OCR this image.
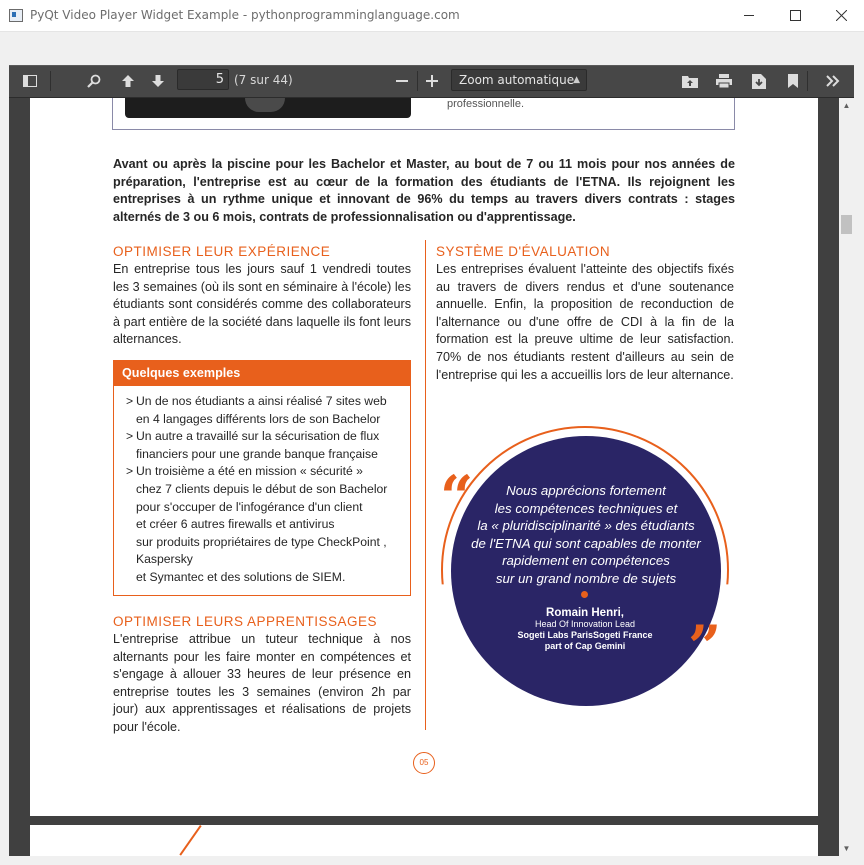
PyQt Video Player Widget Example - pythonprogramminglanguage.com
5 (7 sur 44)	Zoom automatique
▲

professionnelle.
Avant ou après la piscine pour les Bachelor et Master, au bout de 7 ou 11 mois pour nos années de préparation, l'entreprise est au cœur de la formation des étudiants de l'ETNA. Ils rejoignent les entreprises à un rythme unique et innovant de 96% du temps au travers divers contrats : stages alternés de 3 ou 6 mois, contrats de professionnalisation ou d'apprentissage.
OPTIMISER LEUR EXPÉRIENCE
En entreprise tous les jours sauf 1 vendredi toutes les 3 semaines (où ils sont en séminaire à l'école) les étudiants sont considérés comme des collaborateurs à part entière de la société dans laquelle ils font leurs alternances.
Quelques exemples
> Un de nos étudiants a ainsi réalisé 7 sites web
en 4 langages différents lors de son Bachelor
> Un autre a travaillé sur la sécurisation de flux
financiers pour une grande banque française
> Un troisième a été en mission « sécurité »
chez 7 clients depuis le début de son Bachelor
pour s'occuper de l'infogérance d'un client
et créer 6 autres firewalls et antivirus
sur produits propriétaires de type CheckPoint , Kaspersky
et Symantec et des solutions de SIEM.
OPTIMISER LEURS APPRENTISSAGES
L'entreprise attribue un tuteur technique à nos alternants pour les faire monter en compétences et s'engage à allouer 33 heures de leur présence en entreprise toutes les 3 semaines (environ 2h par jour) aux apprentissages et réalisations de projets pour l'école.
SYSTÈME D'ÉVALUATION
Les entreprises évaluent l'atteinte des objectifs fixés au travers de divers rendus et d'une soutenance annuelle. Enfin, la proposition de reconduction de l'alternance ou d'une offre de CDI à la fin de la formation est la preuve ultime de leur satisfaction. 70% de nos étudiants restent d'ailleurs au sein de l'entreprise qui les a accueillis lors de leur alternance.
“
”
Nous apprécions fortement
les compétences techniques et
la « pluridisciplinarité » des étudiants
de l'ETNA qui sont capables de monter
rapidement en compétences
sur un grand nombre de sujets
Romain Henri,
Head Of Innovation Lead
Sogeti Labs ParisSogeti France
part of Cap Gemini
05
▲
▼
